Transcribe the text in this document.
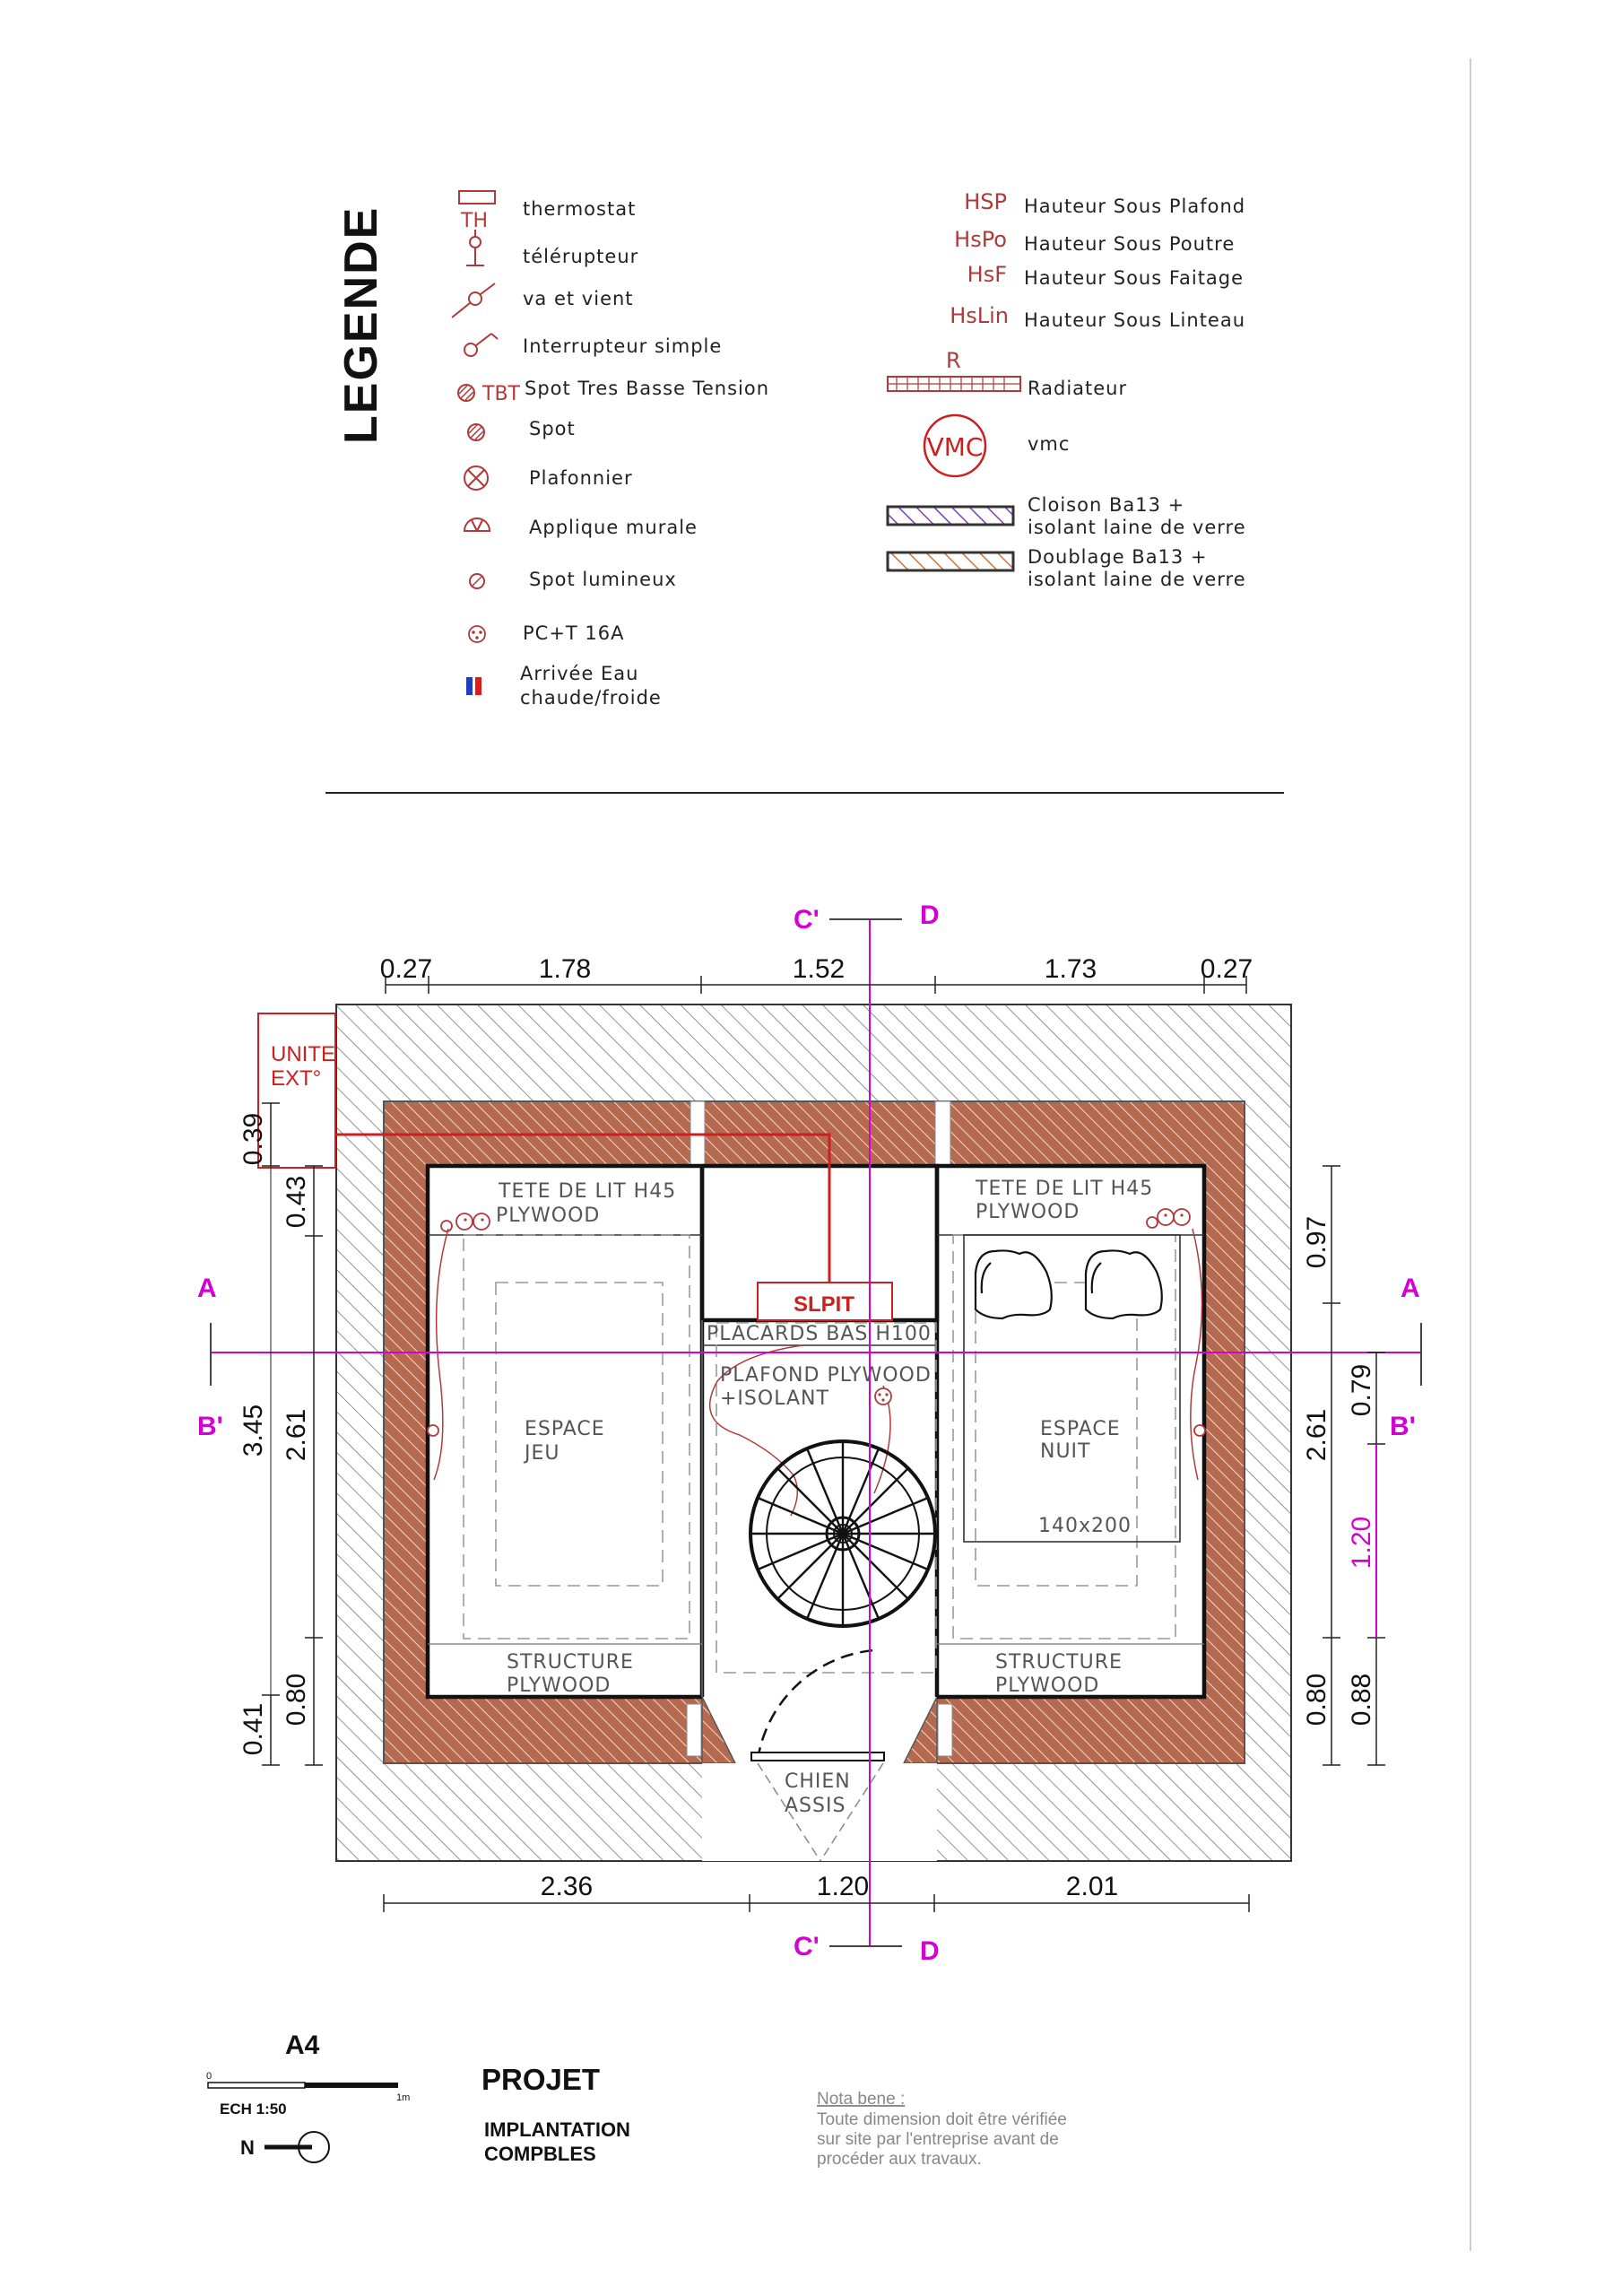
LEGENDE	TH
thermostat
télérupteur
va et vient
Interrupteur simple
TBT Spot Tres Basse Tension
Spot
Plafonnier
Applique murale
Spot lumineux
PC+T 16A
Arrivée Eau
chaude/froide
HSP Hauteur Sous Plafond
HsPo Hauteur Sous Poutre
HsF Hauteur Sous Faitage
HsLin Hauteur Sous Linteau
R
Radiateur
VMC vmc
Cloison Ba13 +
isolant laine de verre
Doublage Ba13 +
isolant laine de verre
SLPIT
UNITE
EXT°
TETE DE LIT H45
PLYWOOD
TETE DE LIT H45
PLYWOOD
PLACARDS BAS H100
PLAFOND PLYWOOD
+ISOLANT
ESPACE
JEU
ESPACE
NUIT
140x200
STRUCTURE
PLYWOOD
STRUCTURE
PLYWOOD
CHIEN
ASSIS
C'	D
C'	D
A	A
B'	B'
0.27	1.78	1.52	1.73	0.27
2.36	1.20	2.01
0.39
0.43
3.45 2.61
0.80
0.41
0.97
0.79
2.61
1.20
0.80 0.88
A4
0
1m
ECH 1:50
N
PROJET
IMPLANTATION
COMPBLES
Nota bene :
Toute dimension doit être vérifiée
sur site par l'entreprise avant de
procéder aux travaux.
